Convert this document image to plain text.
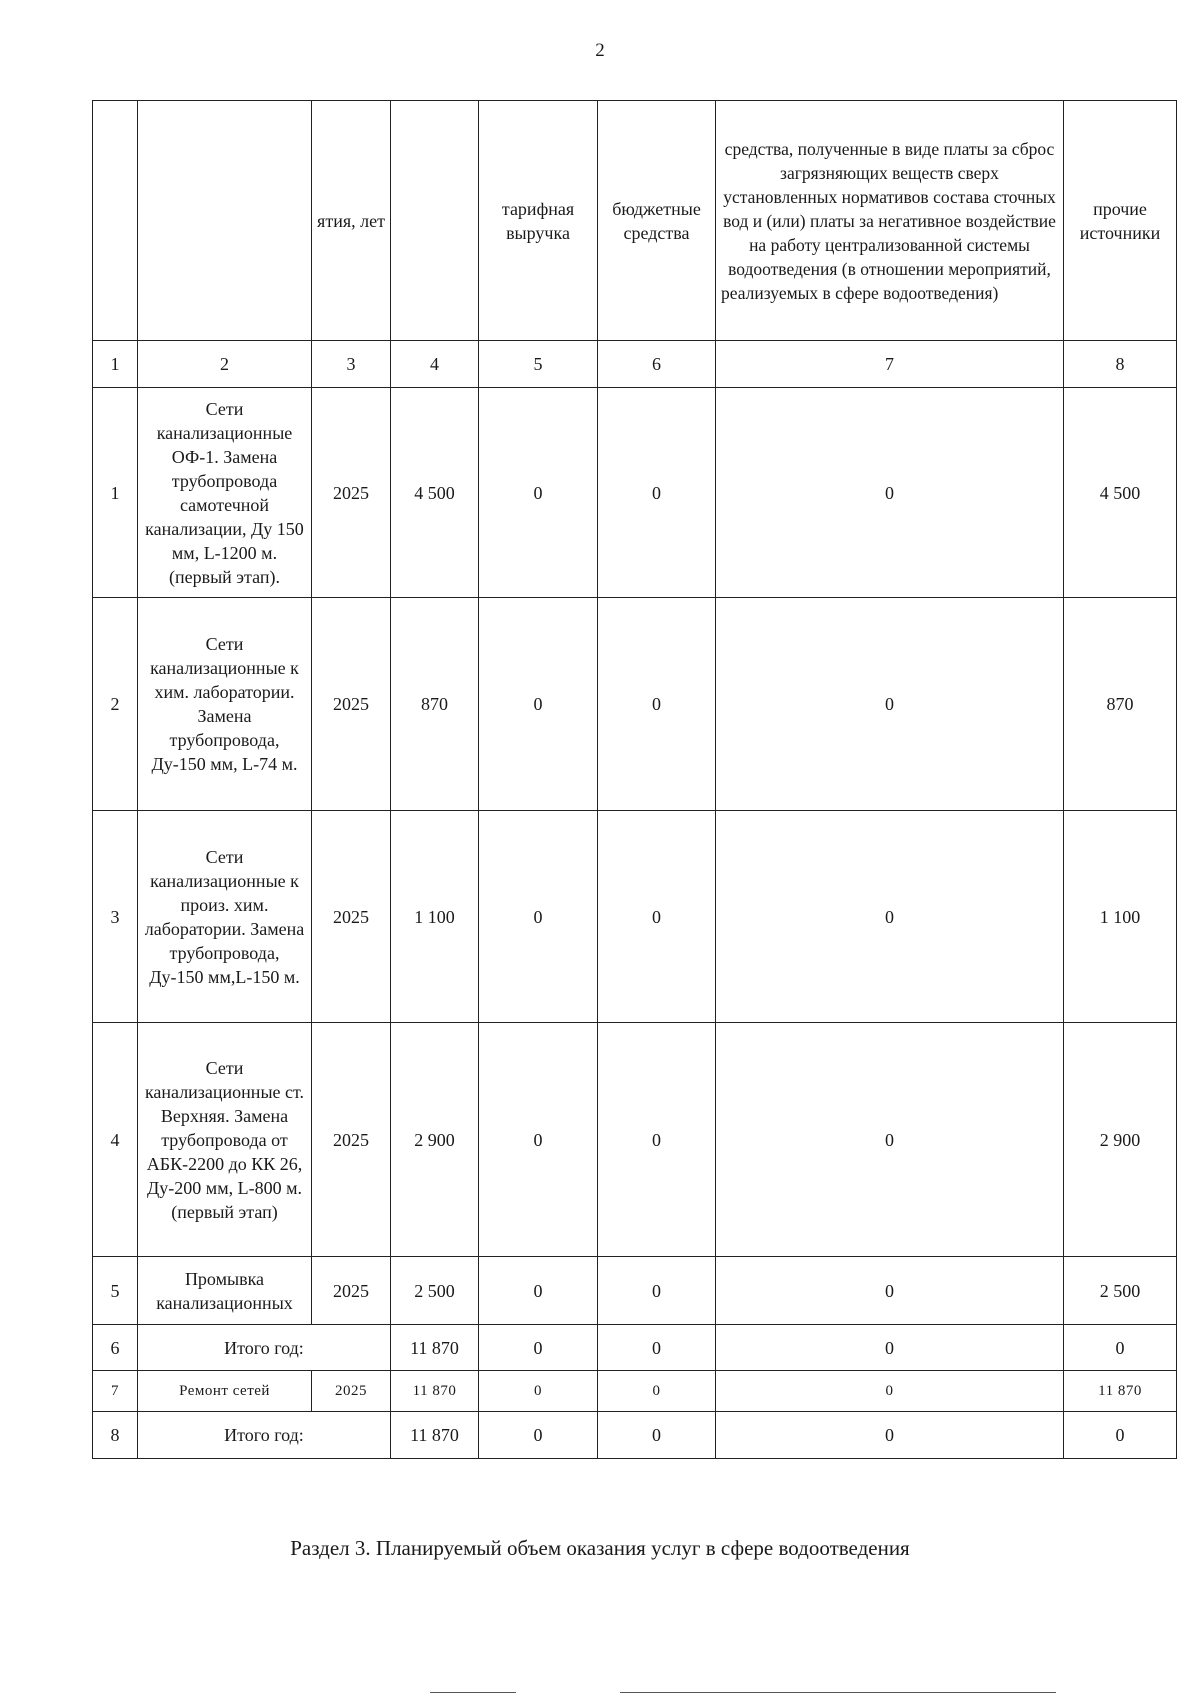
2
		ятия, лет		тарифная выручка	бюджетные средства	средства, полученные в виде платы за сброс загрязняющих веществ сверх установленных нормативов состава сточных вод и (или) платы за негативное воздействие на работу централизованной системы водоотведения (в отношении мероприятий, реализуемых в сфере водоотведения)	прочие источники
1	2	3	4	5	6	7	8
1	Сети канализационные ОФ-1. Замена трубопровода самотечной канализации, Ду 150 мм, L-1200 м.(первый этап).	2025	4 500	0	0	0	4 500
2	Сети канализационные к хим. лаборатории. Замена трубопровода, Ду-150 мм, L-74 м.	2025	870	0	0	0	870
3	Сети канализационные к произ. хим. лаборатории. Замена трубопровода, Ду-150 мм,L-150 м.	2025	1 100	0	0	0	1 100
4	Сети канализационные ст. Верхняя. Замена трубопровода от АБК-2200 до КК 26, Ду-200 мм, L-800 м.(первый этап)	2025	2 900	0	0	0	2 900
5	Промывка канализационных	2025	2 500	0	0	0	2 500
6	Итого год:		11 870	0	0	0	0
7	Ремонт сетей	2025	11 870	0	0	0	11 870
8	Итого год:		11 870	0	0	0	0
Раздел 3. Планируемый объем оказания услуг в сфере водоотведения
